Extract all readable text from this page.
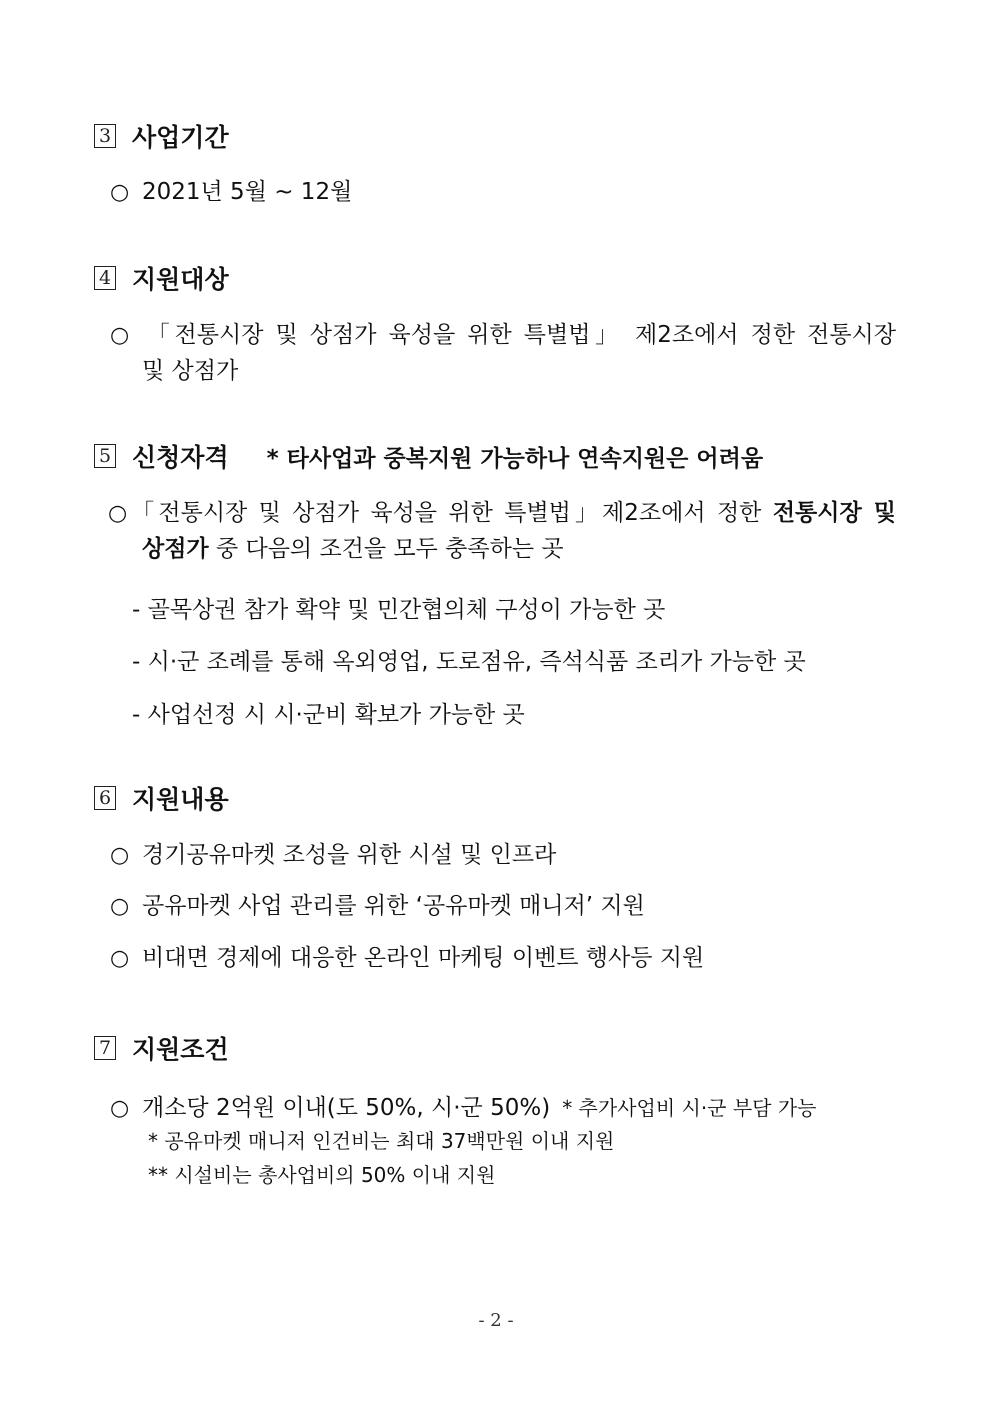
3 사업기간
○ 2021년 5월 ~ 12월
4 지원대상
○ 「전통시장 및 상점가 육성을 위한 특별법」 제2조에서 정한 전통시장
및 상점가
5 신청자격 * 타사업과 중복지원 가능하나 연속지원은 어려움
○「전통시장 및 상점가 육성을 위한 특별법」제2조에서 정한 전통시장 및
상점가 중 다음의 조건을 모두 충족하는 곳
- 골목상권 참가 확약 및 민간협의체 구성이 가능한 곳
- 시·군 조례를 통해 옥외영업, 도로점유, 즉석식품 조리가 가능한 곳
- 사업선정 시 시·군비 확보가 가능한 곳
6 지원내용
○ 경기공유마켓 조성을 위한 시설 및 인프라
○ 공유마켓 사업 관리를 위한 ‘공유마켓 매니저’ 지원
○ 비대면 경제에 대응한 온라인 마케팅 이벤트 행사등 지원
7 지원조건
○ 개소당 2억원 이내(도 50%, 시·군 50%) * 추가사업비 시·군 부담 가능
* 공유마켓 매니저 인건비는 최대 37백만원 이내 지원
** 시설비는 총사업비의 50% 이내 지원
- 2 -
